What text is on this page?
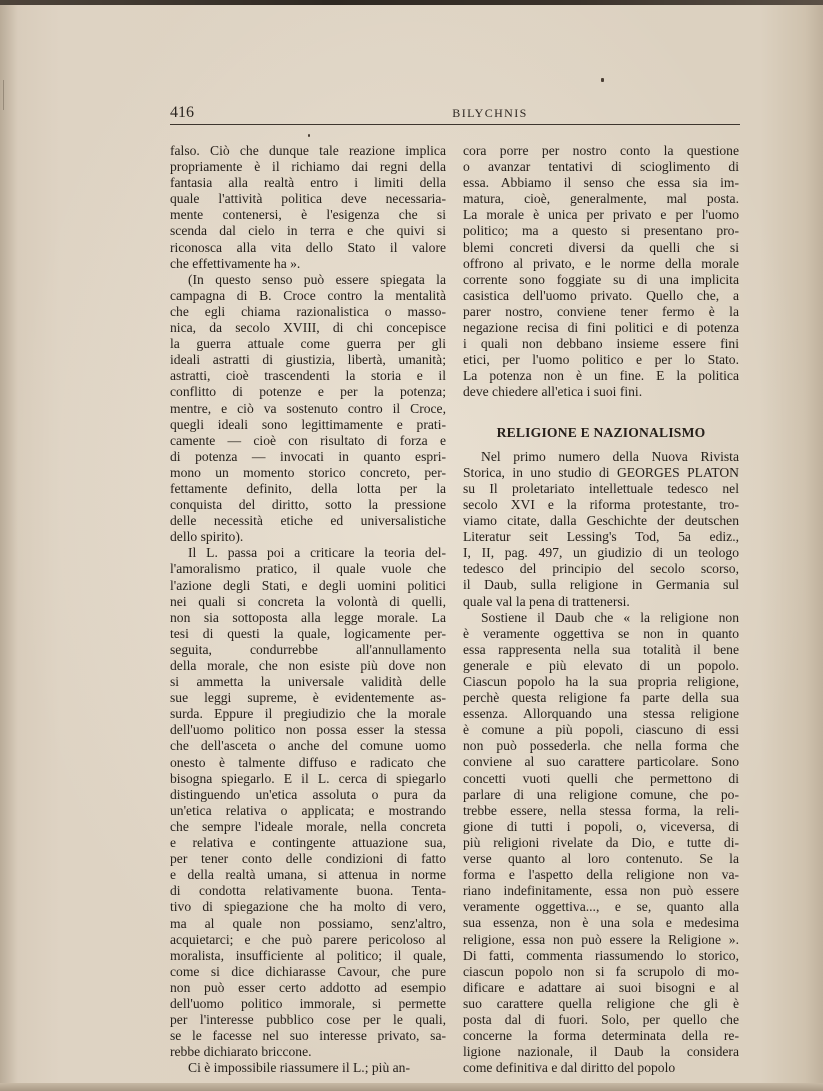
416	BILYCHNIS
falso. Ciò che dunque tale reazione implica
propriamente è il richiamo dai regni della
fantasia alla realtà entro i limiti della
quale l'attività politica deve necessaria-
mente contenersi, è l'esigenza che si
scenda dal cielo in terra e che quivi si
riconosca alla vita dello Stato il valore
che effettivamente ha ».
(In questo senso può essere spiegata la
campagna di B. Croce contro la mentalità
che egli chiama razionalistica o masso-
nica, da secolo XVIII, di chi concepisce
la guerra attuale come guerra per gli
ideali astratti di giustizia, libertà, umanità;
astratti, cioè trascendenti la storia e il
conflitto di potenze e per la potenza;
mentre, e ciò va sostenuto contro il Croce,
quegli ideali sono legittimamente e prati-
camente — cioè con risultato di forza e
di potenza — invocati in quanto espri-
mono un momento storico concreto, per-
fettamente definito, della lotta per la
conquista del diritto, sotto la pressione
delle necessità etiche ed universalistiche
dello spirito).
Il L. passa poi a criticare la teoria del-
l'amoralismo pratico, il quale vuole che
l'azione degli Stati, e degli uomini politici
nei quali si concreta la volontà di quelli,
non sia sottoposta alla legge morale. La
tesi di questi la quale, logicamente per-
seguita, condurrebbe all'annullamento
della morale, che non esiste più dove non
si ammetta la universale validità delle
sue leggi supreme, è evidentemente as-
surda. Eppure il pregiudizio che la morale
dell'uomo politico non possa esser la stessa
che dell'asceta o anche del comune uomo
onesto è talmente diffuso e radicato che
bisogna spiegarlo. E il L. cerca di spiegarlo
distinguendo un'etica assoluta o pura da
un'etica relativa o applicata; e mostrando
che sempre l'ideale morale, nella concreta
e relativa e contingente attuazione sua,
per tener conto delle condizioni di fatto
e della realtà umana, si attenua in norme
di condotta relativamente buona. Tenta-
tivo di spiegazione che ha molto di vero,
ma al quale non possiamo, senz'altro,
acquietarci; e che può parere pericoloso al
moralista, insufficiente al politico; il quale,
come si dice dichiarasse Cavour, che pure
non può esser certo addotto ad esempio
dell'uomo politico immorale, si permette
per l'interesse pubblico cose per le quali,
se le facesse nel suo interesse privato, sa-
rebbe dichiarato briccone.
Ci è impossibile riassumere il L.; più an-
cora porre per nostro conto la questione
o avanzar tentativi di scioglimento di
essa. Abbiamo il senso che essa sia im-
matura, cioè, generalmente, mal posta.
La morale è unica per privato e per l'uomo
politico; ma a questo si presentano pro-
blemi concreti diversi da quelli che si
offrono al privato, e le norme della morale
corrente sono foggiate su di una implicita
casistica dell'uomo privato. Quello che, a
parer nostro, conviene tener fermo è la
negazione recisa di fini politici e di potenza
i quali non debbano insieme essere fini
etici, per l'uomo politico e per lo Stato.
La potenza non è un fine. E la politica
deve chiedere all'etica i suoi fini.
RELIGIONE E NAZIONALISMO
Nel primo numero della Nuova Rivista
Storica, in uno studio di GEORGES PLATON
su Il proletariato intellettuale tedesco nel
secolo XVI e la riforma protestante, tro-
viamo citate, dalla Geschichte der deutschen
Literatur seit Lessing's Tod, 5a ediz.,
I, II, pag. 497, un giudizio di un teologo
tedesco del principio del secolo scorso,
il Daub, sulla religione in Germania sul
quale val la pena di trattenersi.
Sostiene il Daub che « la religione non
è veramente oggettiva se non in quanto
essa rappresenta nella sua totalità il bene
generale e più elevato di un popolo.
Ciascun popolo ha la sua propria religione,
perchè questa religione fa parte della sua
essenza. Allorquando una stessa religione
è comune a più popoli, ciascuno di essi
non può possederla. che nella forma che
conviene al suo carattere particolare. Sono
concetti vuoti quelli che permettono di
parlare di una religione comune, che po-
trebbe essere, nella stessa forma, la reli-
gione di tutti i popoli, o, viceversa, di
più religioni rivelate da Dio, e tutte di-
verse quanto al loro contenuto. Se la
forma e l'aspetto della religione non va-
riano indefinitamente, essa non può essere
veramente oggettiva..., e se, quanto alla
sua essenza, non è una sola e medesima
religione, essa non può essere la Religione ».
Di fatti, commenta riassumendo lo storico,
ciascun popolo non si fa scrupolo di mo-
dificare e adattare ai suoi bisogni e al
suo carattere quella religione che gli è
posta dal di fuori. Solo, per quello che
concerne la forma determinata della re-
ligione nazionale, il Daub la considera
come definitiva e dal diritto del popolo
